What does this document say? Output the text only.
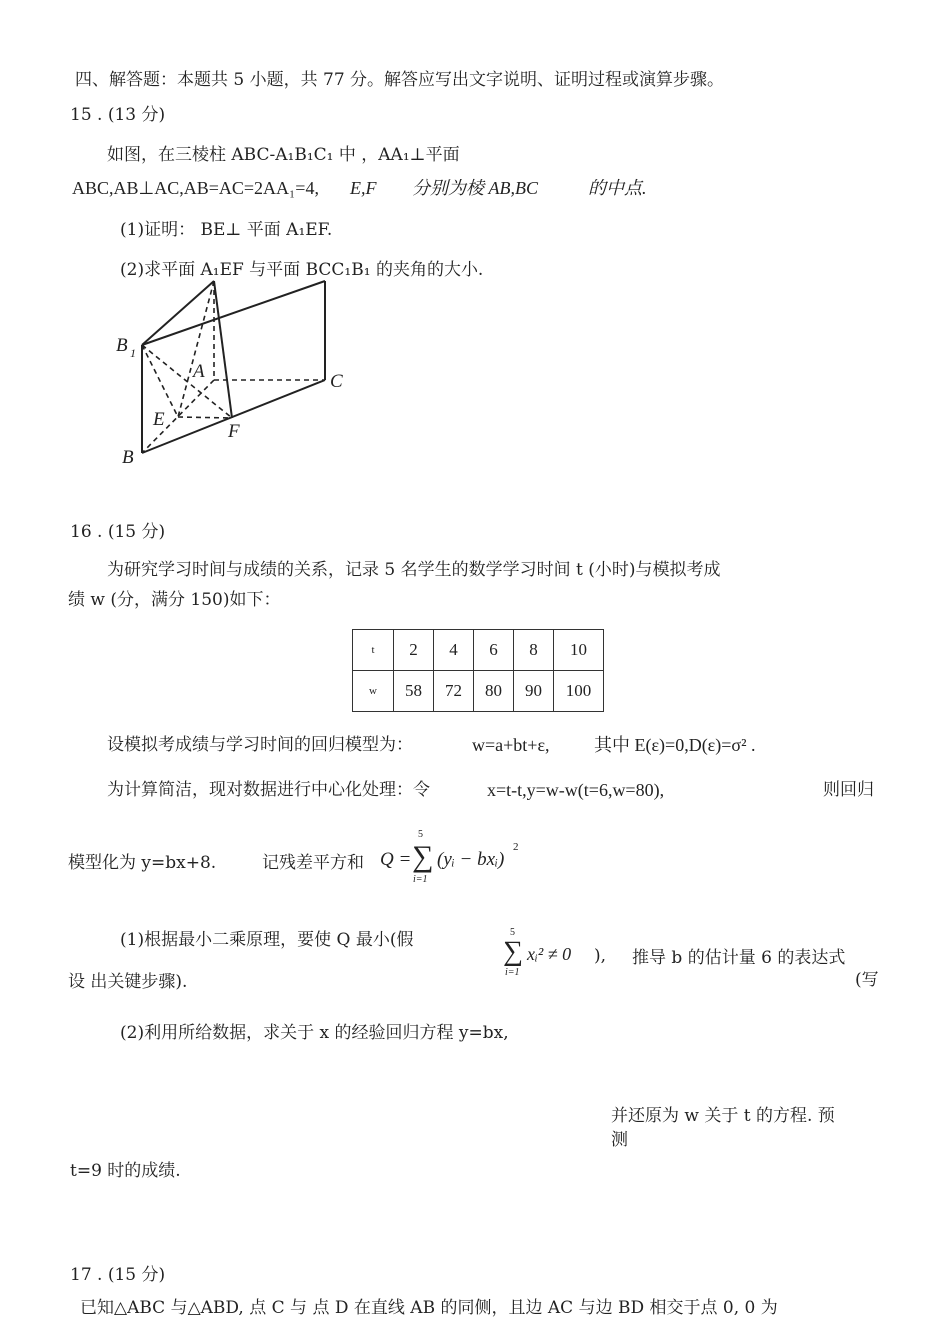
四、解答题：本题共 5 小题，共 77 分。解答应写出文字说明、证明过程或演算步骤。
15 . (13 分)
如图，在三棱柱 ABC-A₁B₁C₁ 中 ，AA₁⊥平面
ABC,AB⊥AC,AB=AC=2AA₁=4, E,F 分别为棱 AB,BC	的中点.
(1)证明： BE⊥ 平面 A₁EF.
(2)求平面 A₁EF 与平面 BCC₁B₁ 的夹角的大小.
B 1
A	C
E
F
B
16 . (15 分)
为研究学习时间与成绩的关系，记录 5 名学生的数学学习时间 t (小时)与模拟考成
绩 w (分，满分 150)如下：
t	2	4	6	8	10
w	58	72	80	90	100
设模拟考成绩与学习时间的回归模型为：	w=a+bt+ε, 其中 E(ε)=0,D(ε)=σ² .
为计算简洁，现对数据进行中心化处理：令	x=t-t,y=w-w(t=6,w=80),	则回归
模型化为 y=bx+8.	记残差平方和 Q =
5
∑
i=1
(yᵢ − bxᵢ)
2
(1)根据最小二乘原理，要使 Q 最小(假	5
∑
i=1
xᵢ² ≠ 0 ), 推导 b 的估计量 6 的表达式
(写
设 出关键步骤).
(2)利用所给数据，求关于 x 的经验回归方程 y=bx,
并还原为 w 关于 t 的方程. 预
测
t=9 时的成绩.
17 . (15 分)
已知△ABC 与△ABD, 点 C 与 点 D 在直线 AB 的同侧，且边 AC 与边 BD 相交于点 0, 0 为
